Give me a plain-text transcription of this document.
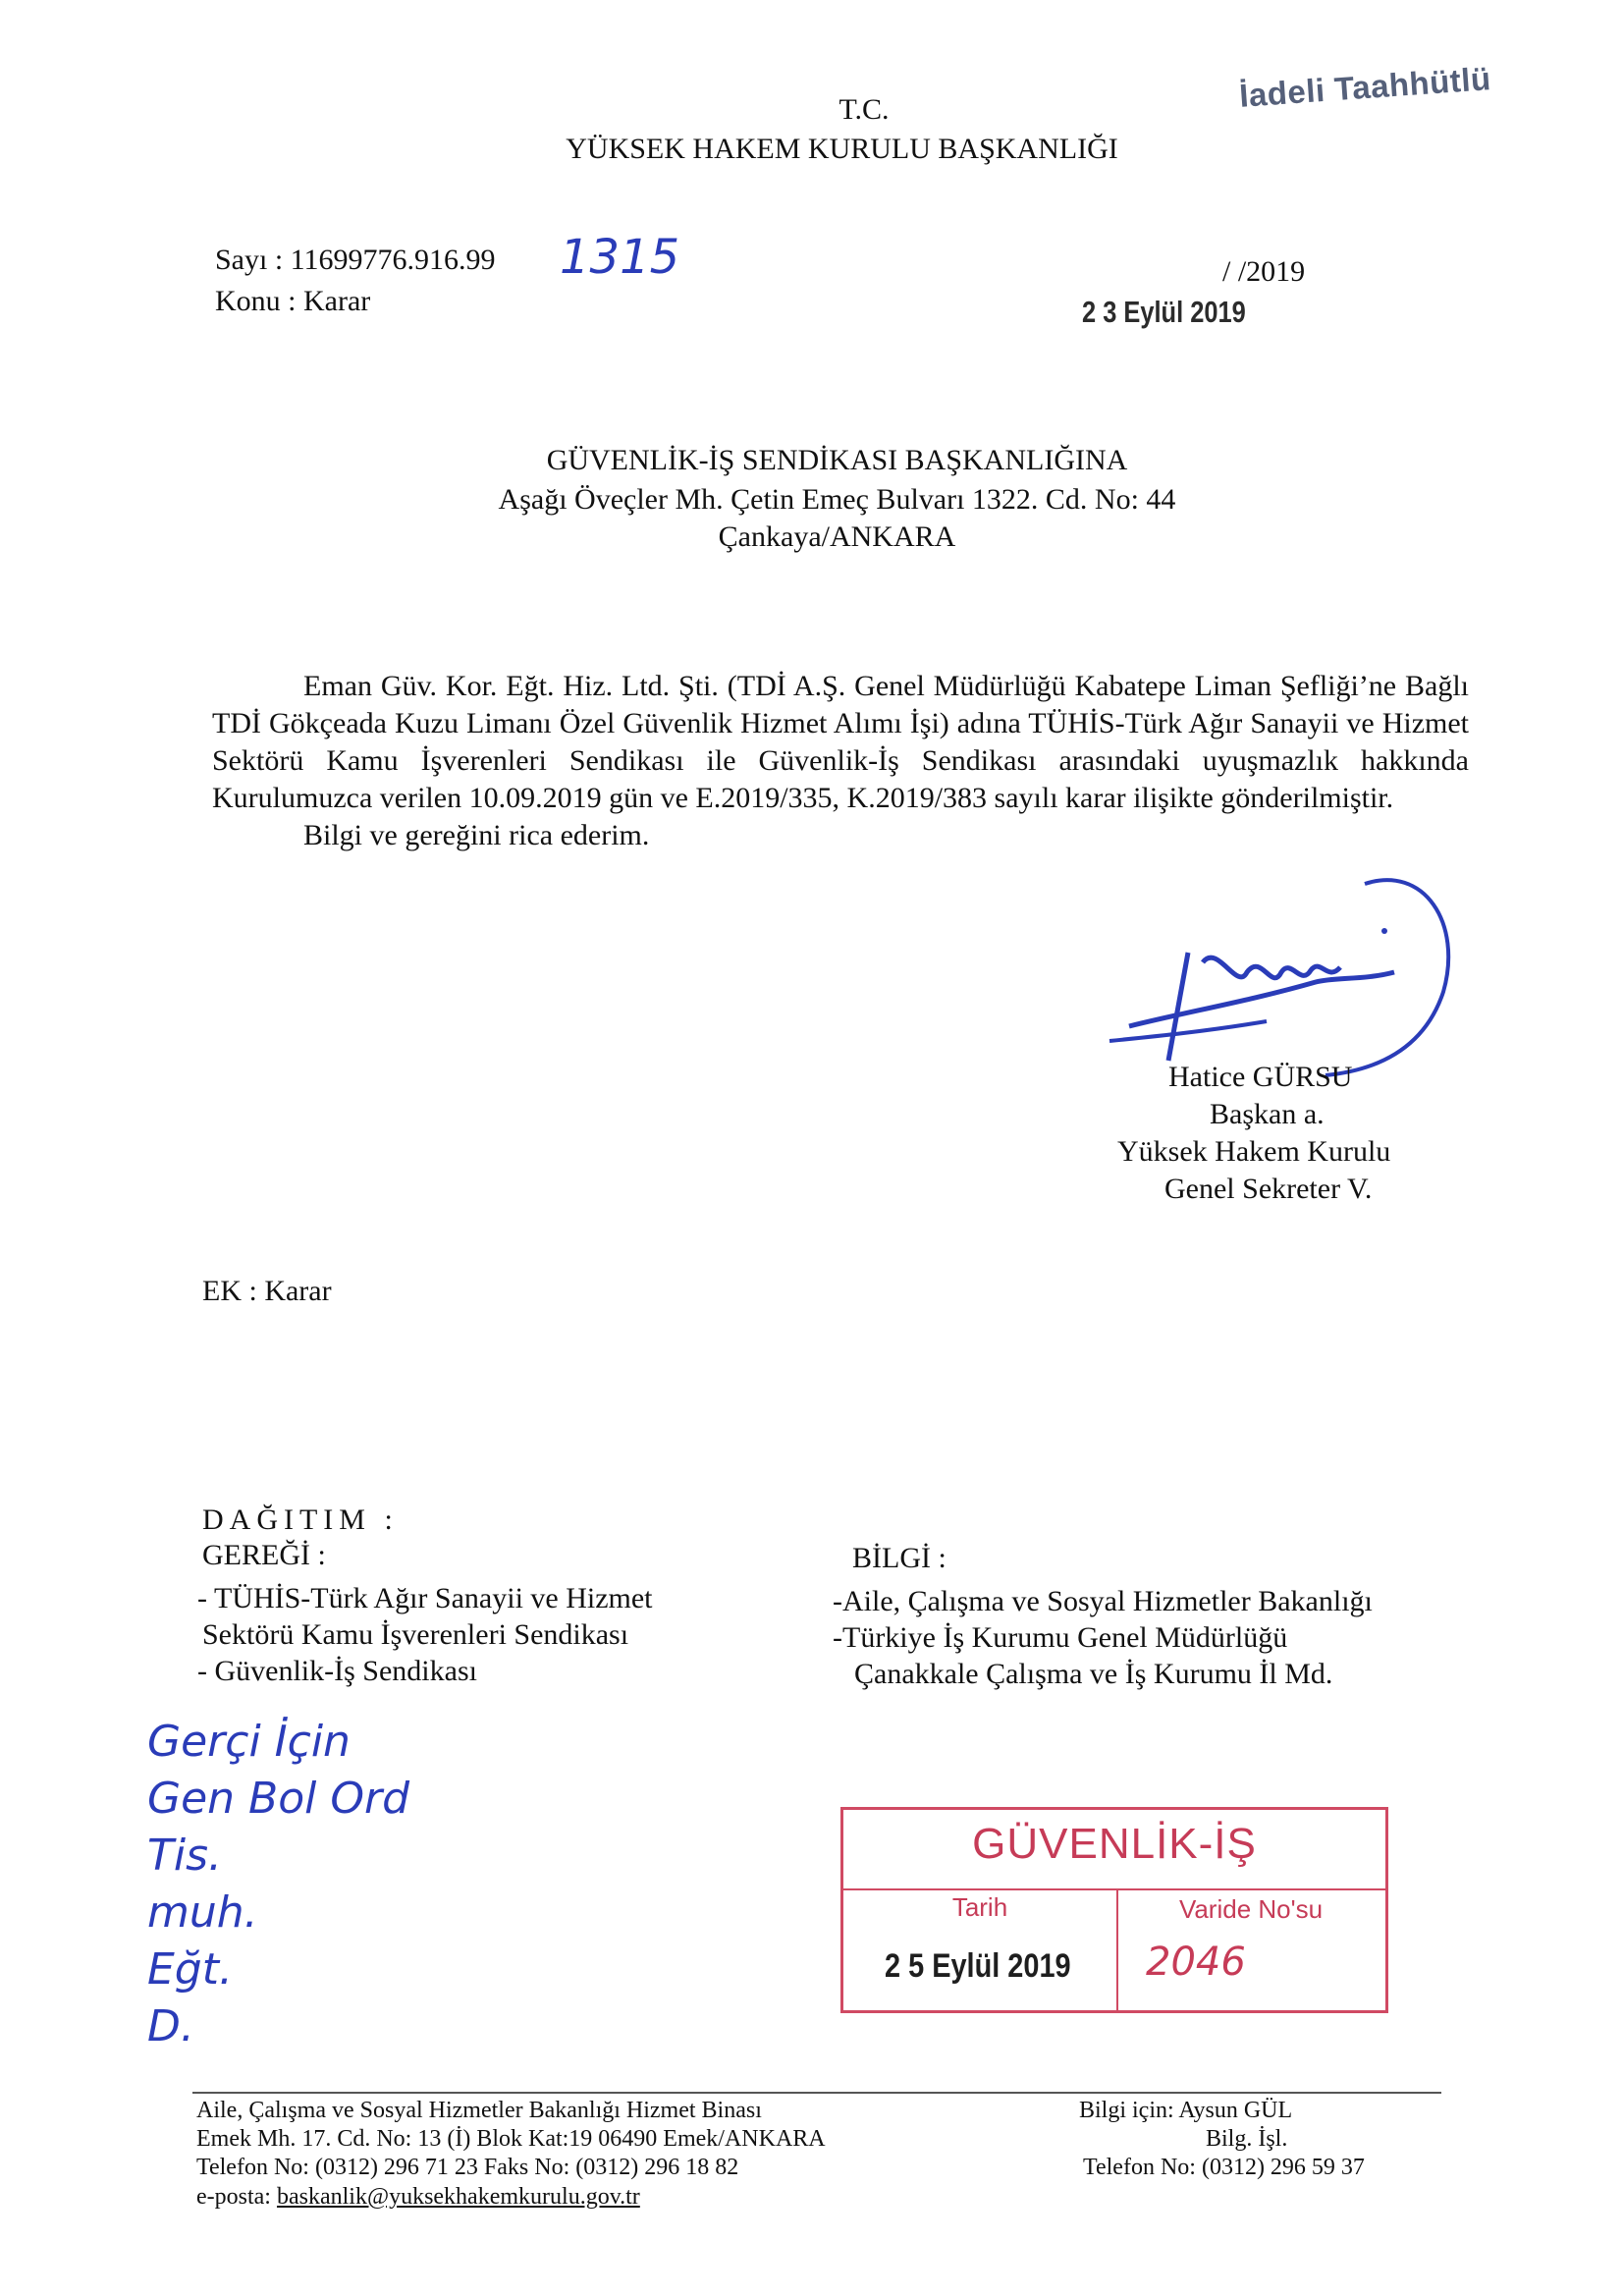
İadeli Taahhütlü
T.C.
YÜKSEK HAKEM KURULU BAŞKANLIĞI
Sayı : 11699776.916.99 1315	/ /2019
2 3 Eylül 2019
Konu : Karar
GÜVENLİK-İŞ SENDİKASI BAŞKANLIĞINA
Aşağı Öveçler Mh. Çetin Emeç Bulvarı 1322. Cd. No: 44
Çankaya/ANKARA

Eman Güv. Kor. Eğt. Hiz. Ltd. Şti. (TDİ A.Ş. Genel Müdürlüğü Kabatepe Liman Şefliği’ne Bağlı TDİ Gökçeada Kuzu Limanı Özel Güvenlik Hizmet Alımı İşi) adına TÜHİS-Türk Ağır Sanayii ve Hizmet Sektörü Kamu İşverenleri Sendikası ile Güvenlik-İş Sendikası arasındaki uyuşmazlık hakkında Kurulumuzca verilen 10.09.2019 gün ve E.2019/335, K.2019/383 sayılı karar ilişikte gönderilmiştir.

Bilgi ve gereğini rica ederim.

Hatice GÜRSU
Başkan a.
Yüksek Hakem Kurulu
Genel Sekreter V.
EK : Karar
DAĞITIM :
GEREĞİ :
- TÜHİS-Türk Ağır Sanayii ve Hizmet
Sektörü Kamu İşverenleri Sendikası
- Güvenlik-İş Sendikası
BİLGİ :
-Aile, Çalışma ve Sosyal Hizmetler Bakanlığı
-Türkiye İş Kurumu Genel Müdürlüğü
Çanakkale Çalışma ve İş Kurumu İl Md.
Gerçi İçin
Gen Bol Ord
Tis.
muh.
Eğt.
D.
GÜVENLİK-İŞ
Tarih	Varide No'su
2 5 Eylül 2019 2046
Aile, Çalışma ve Sosyal Hizmetler Bakanlığı Hizmet Binası
Emek Mh. 17. Cd. No: 13 (İ) Blok Kat:19 06490 Emek/ANKARA
Telefon No: (0312) 296 71 23 Faks No: (0312) 296 18 82
e-posta: baskanlik@yuksekhakemkurulu.gov.tr
Bilgi için: Aysun GÜL
Bilg. İşl.
Telefon No: (0312) 296 59 37
